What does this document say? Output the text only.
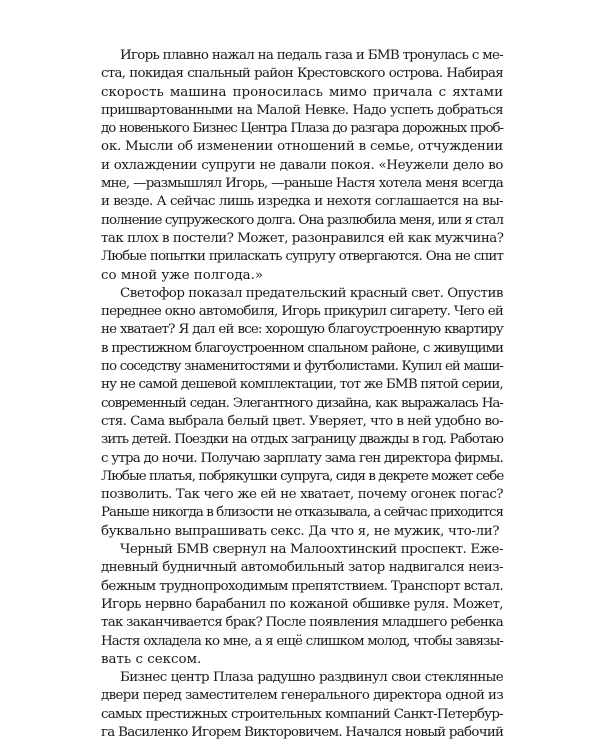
Игорь плавно нажал на педаль газа и БМВ тронулась с ме-
ста, покидая спальный район Крестовского острова. Набирая
скорость машина проносилась мимо причала с яхтами
пришвартованными на Малой Невке. Надо успеть добраться
до новенького Бизнес Центра Плаза до разгара дорожных проб-
ок. Мысли об изменении отношений в семье, отчуждении
и охлаждении супруги не давали покоя. «Неужели дело во
мне, —размышлял Игорь, —раньше Настя хотела меня всегда
и везде. А сейчас лишь изредка и нехотя соглашается на вы-
полнение супружеского долга. Она разлюбила меня, или я стал
так плох в постели? Может, разонравился ей как мужчина?
Любые попытки приласкать супругу отвергаются. Она не спит
со мной уже полгода.»
Светофор показал предательский красный свет. Опустив
переднее окно автомобиля, Игорь прикурил сигарету. Чего ей
не хватает? Я дал ей все: хорошую благоустроенную квартиру
в престижном благоустроенном спальном районе, с живущими
по соседству знаменитостями и футболистами. Купил ей маши-
ну не самой дешевой комплектации, тот же БМВ пятой серии,
современный седан. Элегантного дизайна, как выражалась На-
стя. Сама выбрала белый цвет. Уверяет, что в ней удобно во-
зить детей. Поездки на отдых заграницу дважды в год. Работаю
с утра до ночи. Получаю зарплату зама ген директора фирмы.
Любые платья, побрякушки супруга, сидя в декрете может себе
позволить. Так чего же ей не хватает, почему огонек погас?
Раньше никогда в близости не отказывала, а сейчас приходится
буквально выпрашивать секс. Да что я, не мужик, что-ли?
Черный БМВ свернул на Малоохтинский проспект. Еже-
дневный будничный автомобильный затор надвигался неиз-
бежным труднопроходимым препятствием. Транспорт встал.
Игорь нервно барабанил по кожаной обшивке руля. Может,
так заканчивается брак? После появления младшего ребенка
Настя охладела ко мне, а я ещё слишком молод, чтобы завязы-
вать с сексом.
Бизнес центр Плаза радушно раздвинул свои стеклянные
двери перед заместителем генерального директора одной из
самых престижных строительных компаний Санкт-Петербур-
га Василенко Игорем Викторовичем. Начался новый рабочий
